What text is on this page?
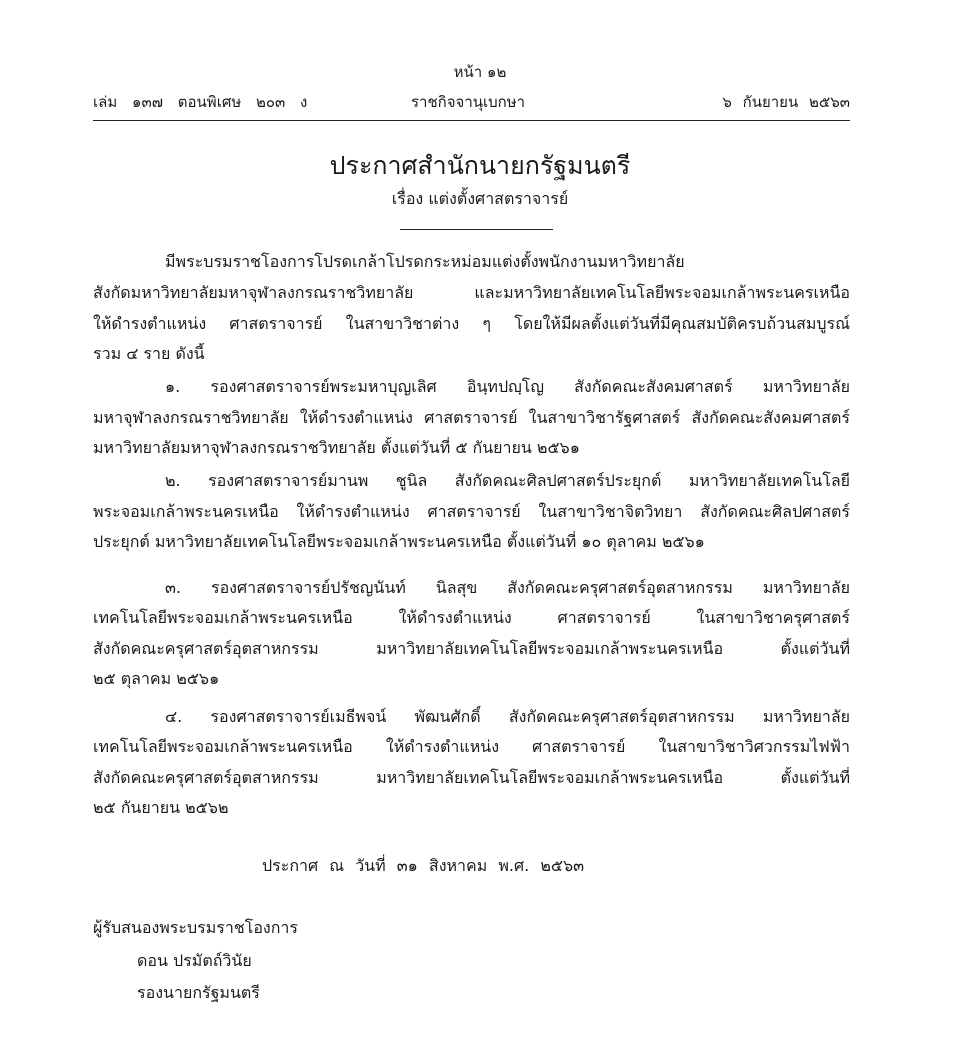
หน้า ๑๒
เล่ม ๑๓๗ ตอนพิเศษ ๒๐๓ ง	ราชกิจจานุเบกษา	๖ กันยายน ๒๕๖๓
ประกาศสำนักนายกรัฐมนตรี
เรื่อง แต่งตั้งศาสตราจารย์
มีพระบรมราชโองการโปรดเกล้าโปรดกระหม่อมแต่งตั้งพนักงานมหาวิทยาลัย
สังกัดมหาวิทยาลัยมหาจุฬาลงกรณราชวิทยาลัย และมหาวิทยาลัยเทคโนโลยีพระจอมเกล้าพระนครเหนือ
ให้ดำรงตำแหน่ง ศาสตราจารย์ ในสาขาวิชาต่าง ๆ โดยให้มีผลตั้งแต่วันที่มีคุณสมบัติครบถ้วนสมบูรณ์
รวม ๔ ราย ดังนี้
๑. รองศาสตราจารย์พระมหาบุญเลิศ อินฺทปญฺโญ สังกัดคณะสังคมศาสตร์ มหาวิทยาลัย
มหาจุฬาลงกรณราชวิทยาลัย ให้ดำรงตำแหน่ง ศาสตราจารย์ ในสาขาวิชารัฐศาสตร์ สังกัดคณะสังคมศาสตร์
มหาวิทยาลัยมหาจุฬาลงกรณราชวิทยาลัย ตั้งแต่วันที่ ๕ กันยายน ๒๕๖๑
๒. รองศาสตราจารย์มานพ ชูนิล สังกัดคณะศิลปศาสตร์ประยุกต์ มหาวิทยาลัยเทคโนโลยี
พระจอมเกล้าพระนครเหนือ ให้ดำรงตำแหน่ง ศาสตราจารย์ ในสาขาวิชาจิตวิทยา สังกัดคณะศิลปศาสตร์
ประยุกต์ มหาวิทยาลัยเทคโนโลยีพระจอมเกล้าพระนครเหนือ ตั้งแต่วันที่ ๑๐ ตุลาคม ๒๕๖๑
๓. รองศาสตราจารย์ปรัชญนันท์ นิลสุข สังกัดคณะครุศาสตร์อุตสาหกรรม มหาวิทยาลัย
เทคโนโลยีพระจอมเกล้าพระนครเหนือ ให้ดำรงตำแหน่ง ศาสตราจารย์ ในสาขาวิชาครุศาสตร์
สังกัดคณะครุศาสตร์อุตสาหกรรม มหาวิทยาลัยเทคโนโลยีพระจอมเกล้าพระนครเหนือ ตั้งแต่วันที่
๒๕ ตุลาคม ๒๕๖๑
๔. รองศาสตราจารย์เมธีพจน์ พัฒนศักดิ์ สังกัดคณะครุศาสตร์อุตสาหกรรม มหาวิทยาลัย
เทคโนโลยีพระจอมเกล้าพระนครเหนือ ให้ดำรงตำแหน่ง ศาสตราจารย์ ในสาขาวิชาวิศวกรรมไฟฟ้า
สังกัดคณะครุศาสตร์อุตสาหกรรม มหาวิทยาลัยเทคโนโลยีพระจอมเกล้าพระนครเหนือ ตั้งแต่วันที่
๒๕ กันยายน ๒๕๖๒
ประกาศ ณ วันที่ ๓๑ สิงหาคม พ.ศ. ๒๕๖๓
ผู้รับสนองพระบรมราชโองการ
ดอน ปรมัตถ์วินัย
รองนายกรัฐมนตรี
